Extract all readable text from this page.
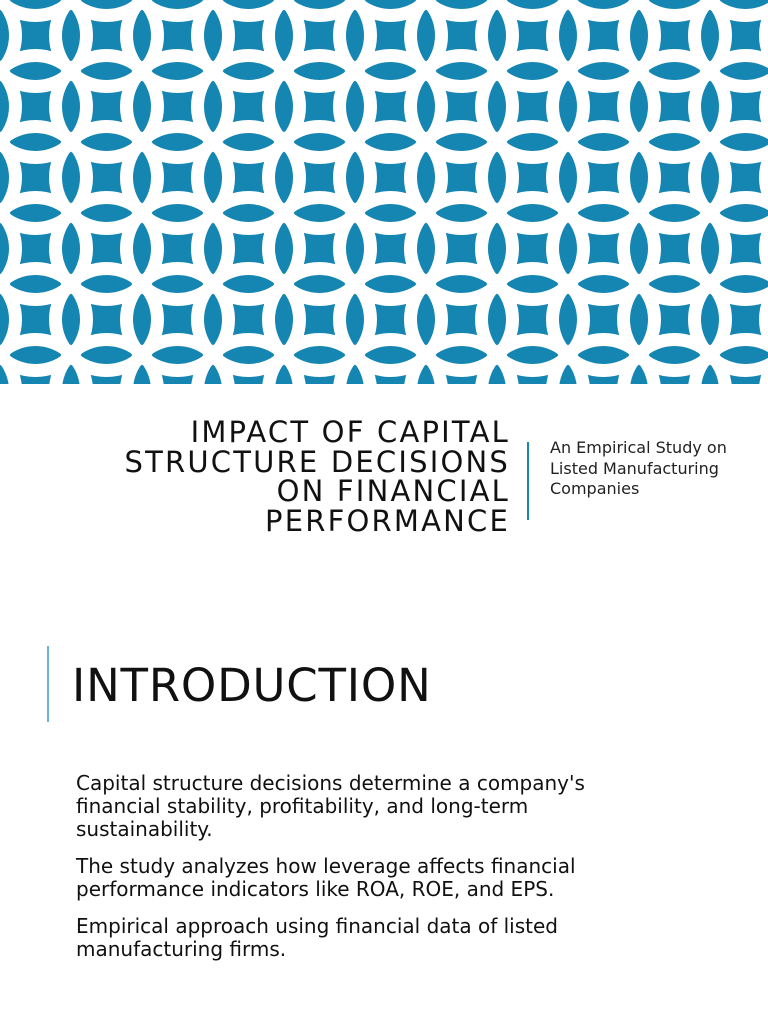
IMPACT OF CAPITAL
STRUCTURE DECISIONS
ON FINANCIAL
PERFORMANCE
An Empirical Study on Listed Manufacturing Companies
INTRODUCTION

Capital structure decisions determine a company's financial stability, profitability, and long-term sustainability.

The study analyzes how leverage affects financial performance indicators like ROA, ROE, and EPS.

Empirical approach using financial data of listed manufacturing firms.
